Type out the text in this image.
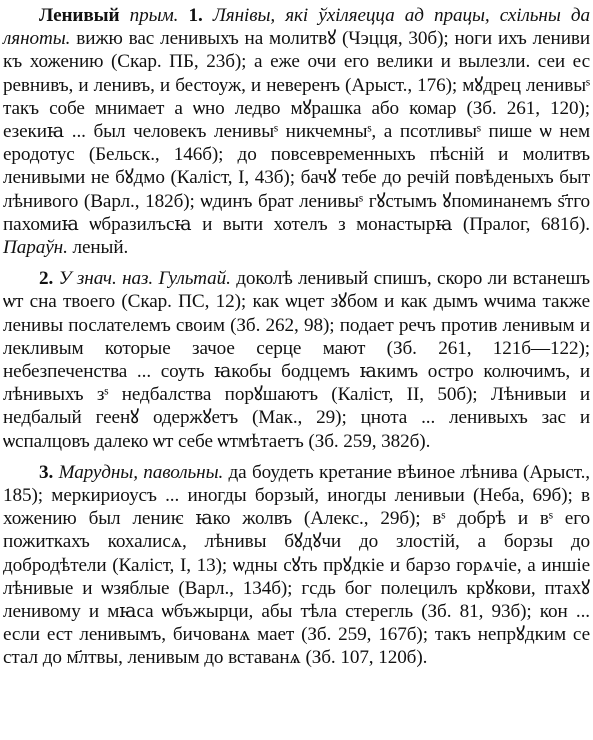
Ленивый прым. 1. Лянівы, які ўхіляецца ад працы, схільны да ляноты. вижю вас ленивыхъ на молитвꙋ (Чэцця, 30б); ноги ихъ лениви къ хожению (Скар. ПБ, 23б); а еже очи его велики и вылезли. сеи ес ревнивъ, и ленивъ, и бестоуж, и неверенъ (Арыст., 176); мꙋдрец ленивыˢ такъ собе мнимает а ѡно ледво мꙋрашка або комар (Зб. 261, 120); езекиꙗ ... был человекъ ленивыˢ никчемныˢ, а псотливыˢ пише ѡ нем еродотус (Бельск., 146б); до повсевременныхъ пѣсній и молитвъ ленивыми не бꙋдмо (Каліст, I, 43б); бачꙋ тебе до речій повѣденыхъ быт лѣнивого (Варл., 182б); ѡдинъ брат ленивыˢ гꙋстымъ ꙋпоминанемъ ѕ҃тго пахомиꙗ ѡбразилъсꙗ и выти хотелъ з монастырꙗ (Пралог, 681б). Параўн. леный.

2. У знач. наз. Гультай. доколѣ ленивый спишъ, скоро ли встанешъ ѡт сна твоего (Скар. ПС, 12); как ѡцет зꙋбом и как дымъ ѡчима также ленивы послателемъ своим (Зб. 262, 98); подает речъ против ленивым и лекливым которые зачое серце мают (Зб. 261, 121б—122); небезпеченства ... соуть ꙗкобы бодцемъ ꙗкимъ остро колючимъ, и лѣнивыхъ зˢ недбалства порꙋшаютъ (Каліст, II, 50б); Лѣнивыи и недбалый геенꙋ одержꙋетъ (Мак., 29); цнота ... ленивыхъ зас и ѡспалцовъ далеко ѡт себе ѡтмѣтаетъ (Зб. 259, 382б).

3. Марудны, павольны. да боудеть кретание вѣиное лѣнива (Арыст., 185); меркириоусъ ... иногды борзый, иногды ленивыи (Неба, 69б); в хожению был лениѥ ꙗко жолвъ (Алекс., 29б); вˢ добрѣ и вˢ его пожиткахъ кохалисѧ, лѣнивы бꙋдꙋчи до злостій, а борзы до добродѣтели (Каліст, I, 13); ѡдны сꙋть прꙋдкіе и барзо горѧчіе, а иншіе лѣнивые и ѡзяблые (Варл., 134б); гсдь бог полецилъ крꙋкови, птахꙋ ленивому и мꙗса ѡбъжырци, абы тѣла стерегль (Зб. 81, 93б); кон ... если ест ленивымъ, бичованѧ мает (Зб. 259, 167б); такъ непрꙋдким се стал до м҃лтвы, ленивым до вставанѧ (Зб. 107, 120б).
